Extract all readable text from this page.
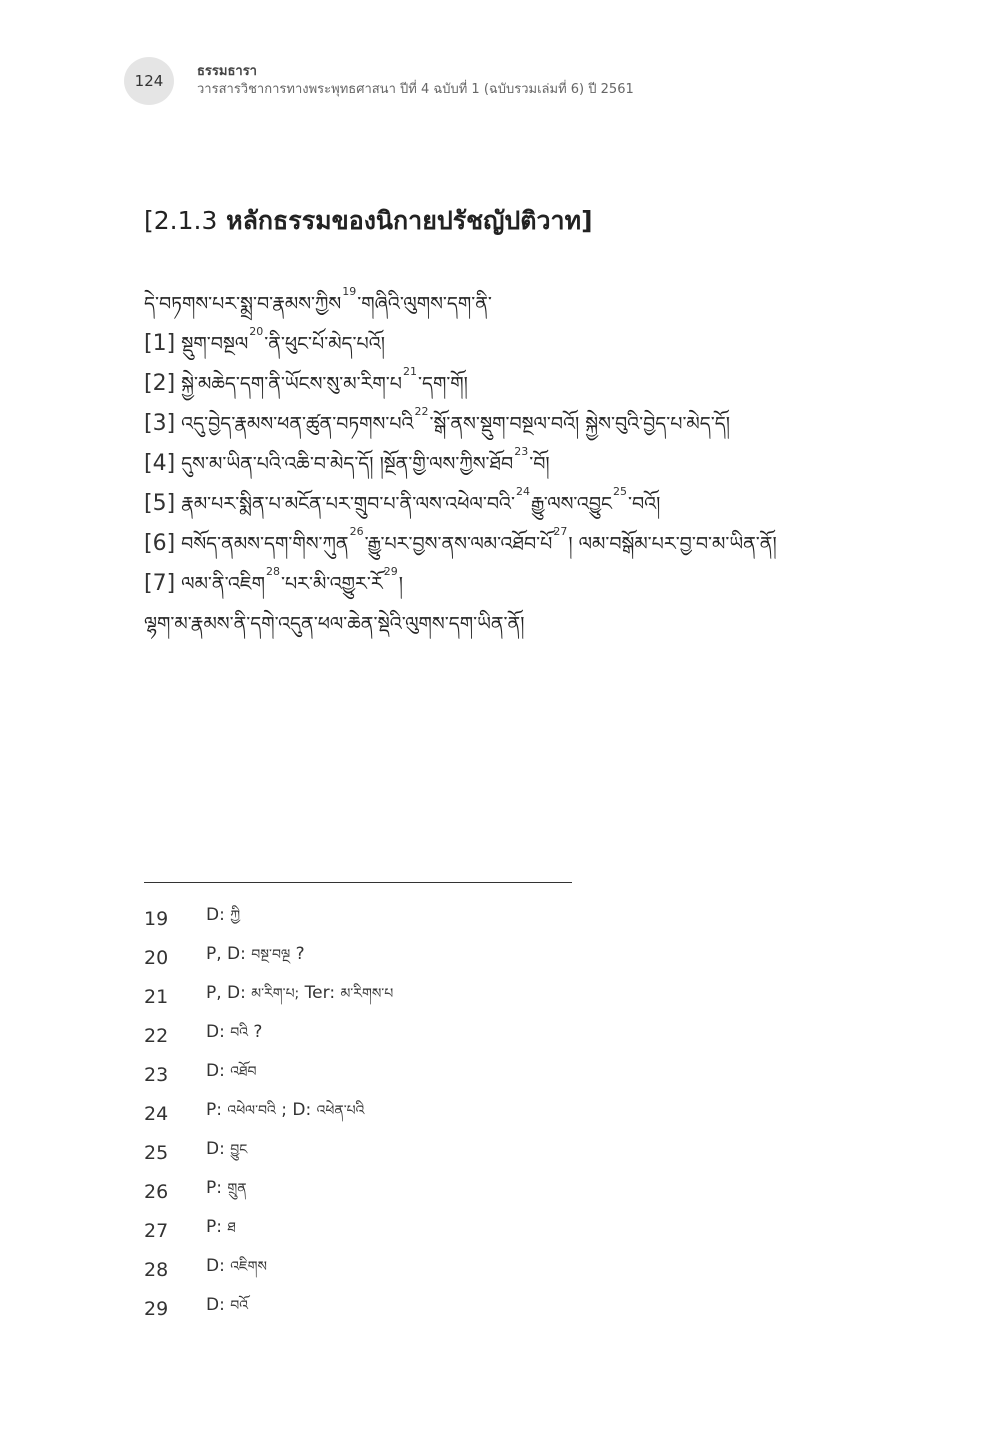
124
ธรรมธารา
วารสารวิชาการทางพระพุทธศาสนา ปีที่ 4 ฉบับที่ 1 (ฉบับรวมเล่มที่ 6) ปี 2561
[2.1.3 หลักธรรมของนิกายปรัชญัปติวาท]
དེ་བཏགས་པར་སྨྲ་བ་རྣམས་ཀྱིས$^{19}$་གཞིའི་ལུགས་དག་ནི་
[1] སྡུག་བསྔལ$^{20}$་ནི་ཕུང་པོ་མེད་པའོ།
[2] སྐྱེ་མཆེད་དག་ནི་ཡོངས་སུ་མ་རིག་པ$^{21}$་དག་གོ།
[3] འདུ་བྱེད་རྣམས་ཕན་ཚུན་བཏགས་པའི$^{22}$་སྒོ་ནས་སྡུག་བསྔལ་བའོ། སྐྱེས་བུའི་བྱེད་པ་མེད་དོ།
[4] དུས་མ་ཡིན་པའི་འཆི་བ་མེད་དོ། །སྔོན་གྱི་ལས་ཀྱིས་ཐོབ$^{23}$་བོ།
[5] རྣམ་པར་སྨིན་པ་མངོན་པར་གྲུབ་པ་ནི་ལས་འཕེལ་བའི་$^{24}$རྒྱུ་ལས་འབྱུང$^{25}$་བའོ།
[6] བསོད་ནམས་དག་གིས་ཀུན$^{26}$་རྒྱུ་པར་བྱས་ནས་ལམ་འཐོབ་པོ$^{27}$། ལམ་བསྒོམ་པར་བྱ་བ་མ་ཡིན་ནོ།
[7] ལམ་ནི་འཇིག$^{28}$་པར་མི་འགྱུར་རོ$^{29}$།
ལྷག་མ་རྣམས་ནི་དགེ་འདུན་ཕལ་ཆེན་སྡེའི་ལུགས་དག་ཡིན་ནོ།
19	D: ཀྱི
20	P, D: བསྔ་བལྔ ?
21	P, D: མ་རིག་པ; Ter: མ་རིགས་པ
22	D: བའི ?
23	D: འཐོབ
24	P: འཕེལ་བའི ; D: འཕེན་པའི
25	D: བྱུང
26	P: གྲུན
27	P: ཐ
28	D: འཇིགས
29	D: བའོ
